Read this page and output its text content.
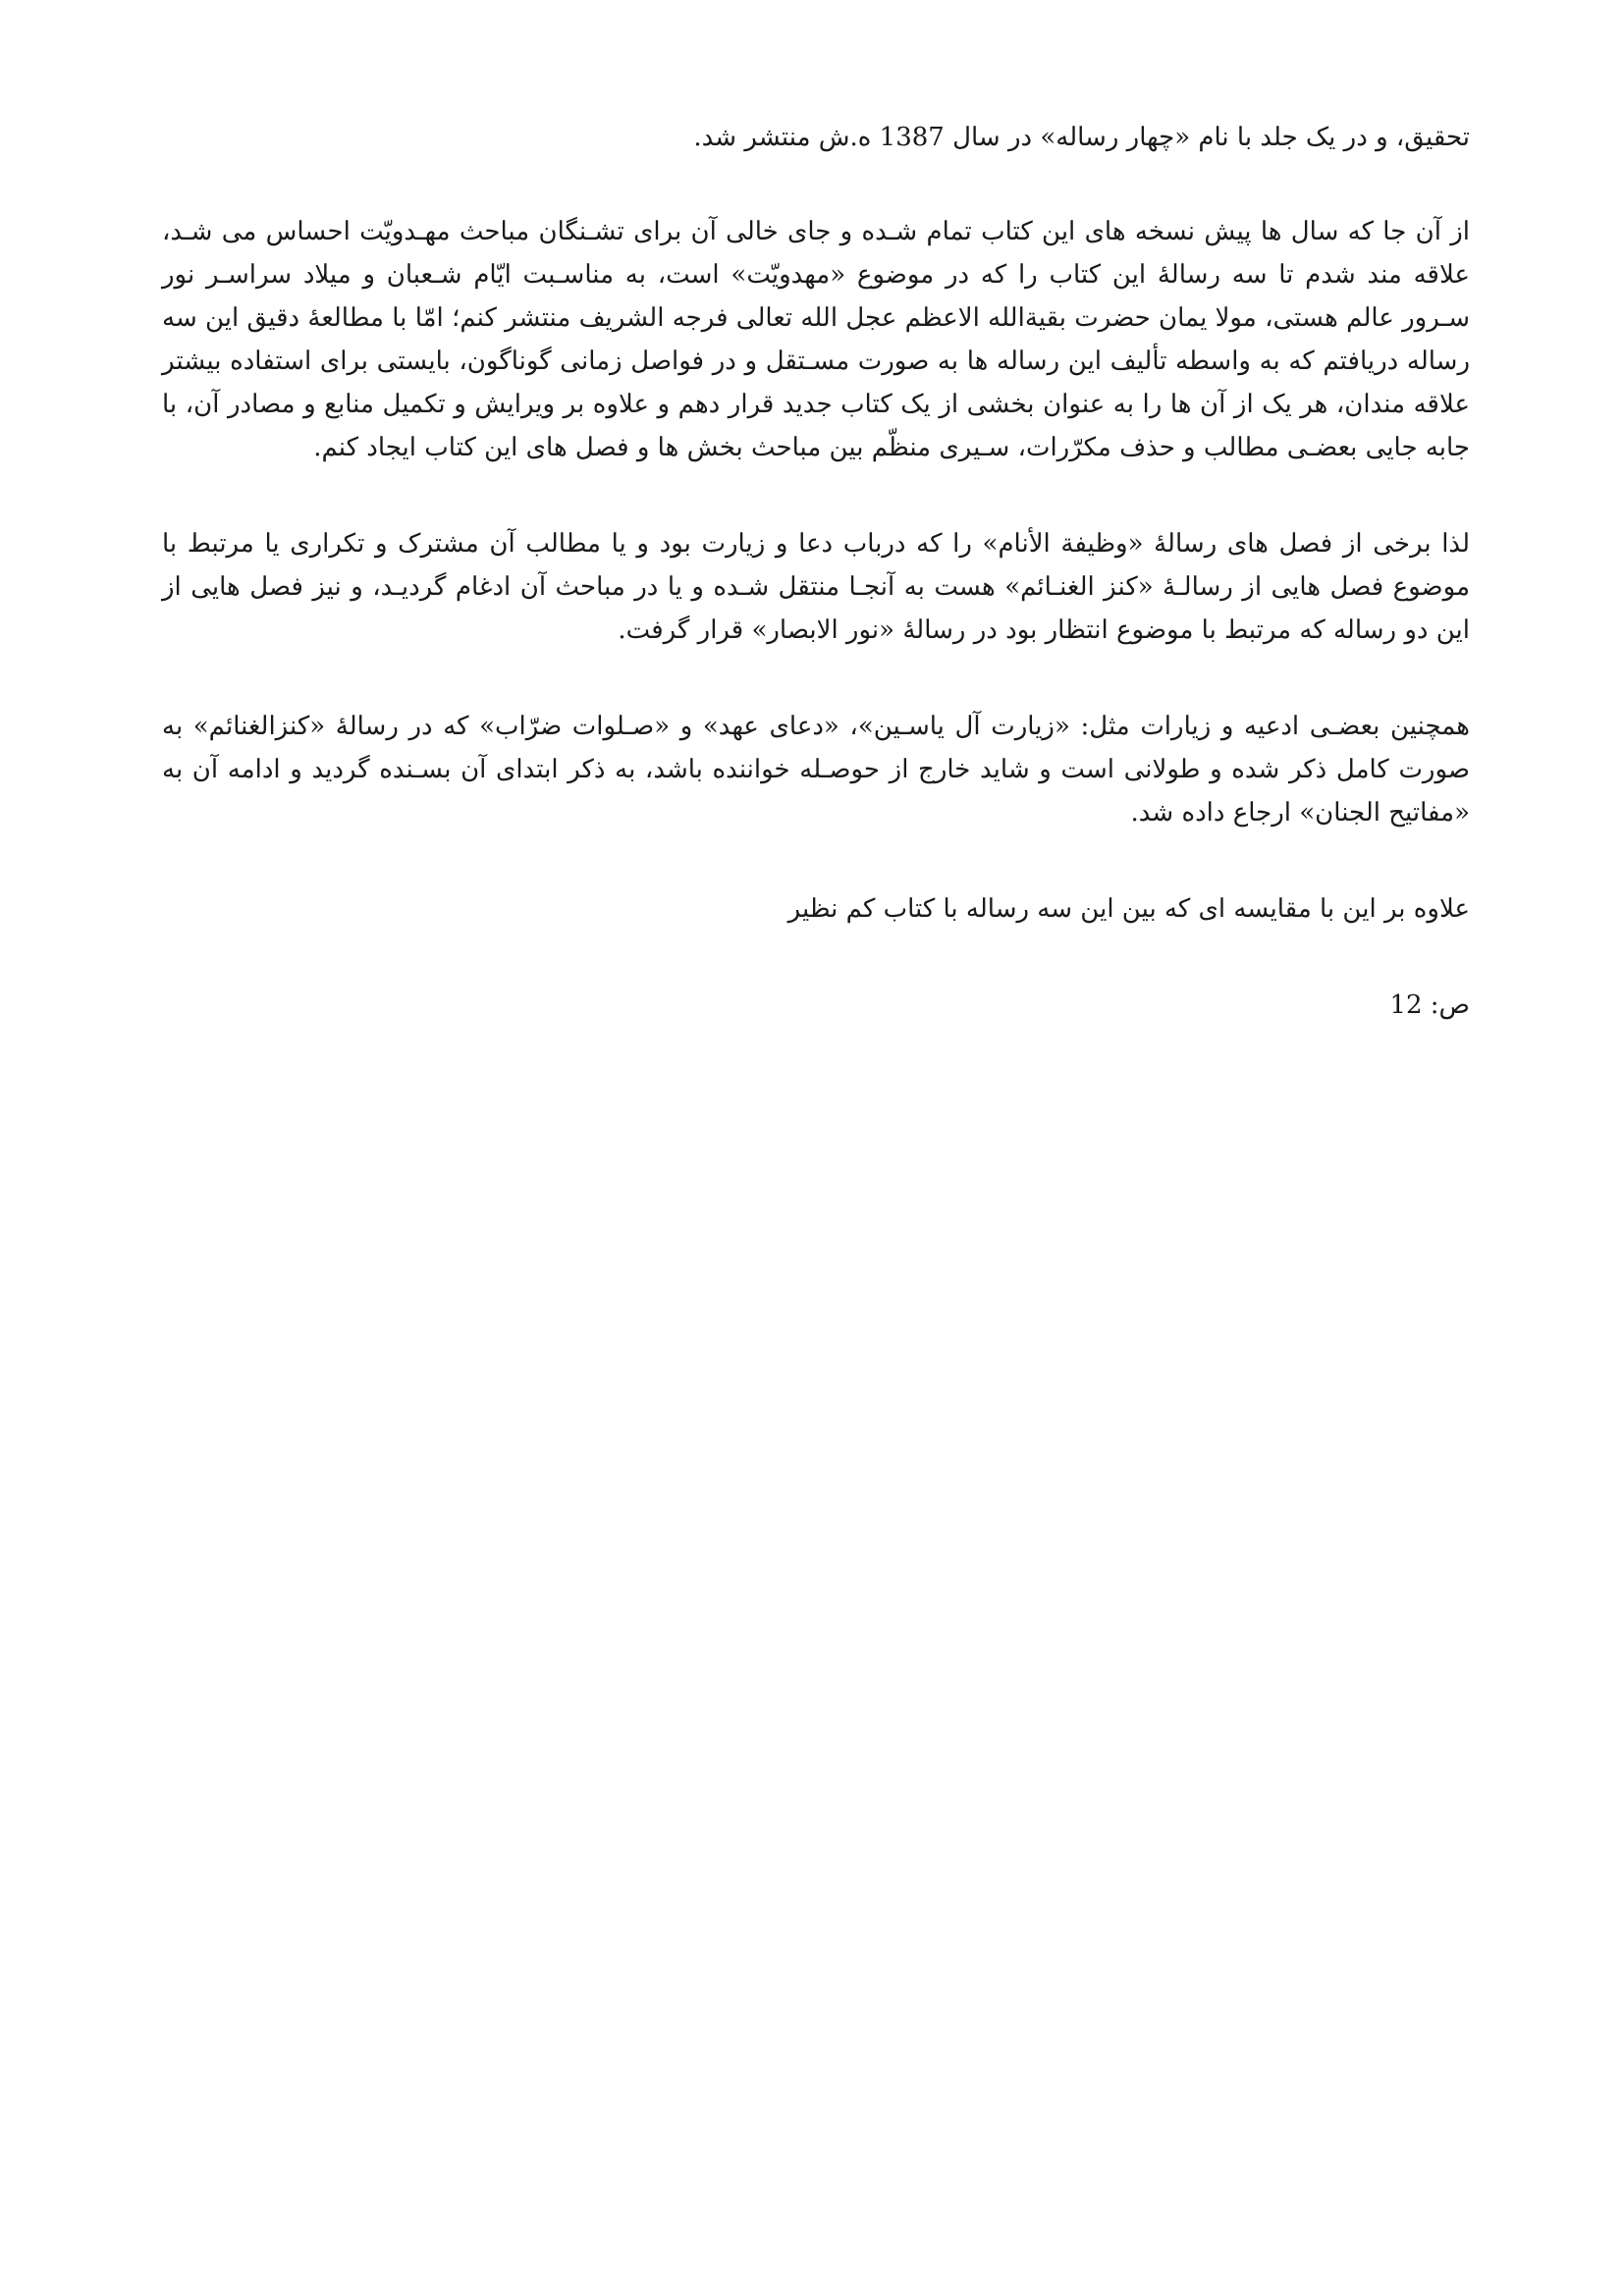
تحقیق، و در یک جلد با نام «چهار رساله» در سال 1387 ه.ش منتشر شد.

از آن جا که سال ها پیش نسخه های این کتاب تمام شـده و جای خالی آن برای تشـنگان مباحث مهـدویّت احساس می شـد، علاقه مند شدم تا سه رسالۀ این کتاب را که در موضوع «مهدویّت» است، به مناسـبت ایّام شـعبان و میلاد سراسـر نور سـرور عالم هستی، مولا یمان حضرت بقیةالله الاعظم عجل الله تعالی فرجه الشریف منتشر کنم؛ امّا با مطالعۀ دقیق این سه رساله دریافتم که به واسطه تألیف این رساله ها به صورت مسـتقل و در فواصل زمانی گوناگون، بایستی برای استفاده بیشتر علاقه مندان، هر یک از آن ها را به عنوان بخشی از یک کتاب جدید قرار دهم و علاوه بر ویرایش و تکمیل منابع و مصادر آن، با جابه جایی بعضـی مطالب و حذف مکرّرات، سـیری منظّم بین مباحث بخش ها و فصل های این کتاب ایجاد کنم.

لذا برخی از فصل های رسالۀ «وظیفة الأنام» را که درباب دعا و زیارت بود و یا مطالب آن مشترک و تکراری یا مرتبط با موضوع فصل هایی از رسالـۀ «کنز الغنـائم» هست به آنجـا منتقل شـده و یا در مباحث آن ادغام گردیـد، و نیز فصل هایی از این دو رساله که مرتبط با موضوع انتظار بود در رسالۀ «نور الابصار» قرار گرفت.

همچنین بعضـی ادعیه و زیارات مثل: «زیارت آل یاسـین»، «دعای عهد» و «صـلوات ضرّاب» که در رسالۀ «کنزالغنائم» به صورت کامل ذکر شده و طولانی است و شاید خارج از حوصـله خواننده باشد، به ذکر ابتدای آن بسـنده گردید و ادامه آن به «مفاتیح الجنان» ارجاع داده شد.

علاوه بر این با مقایسه ای که بین این سه رساله با کتاب کم نظیر

ص: 12
